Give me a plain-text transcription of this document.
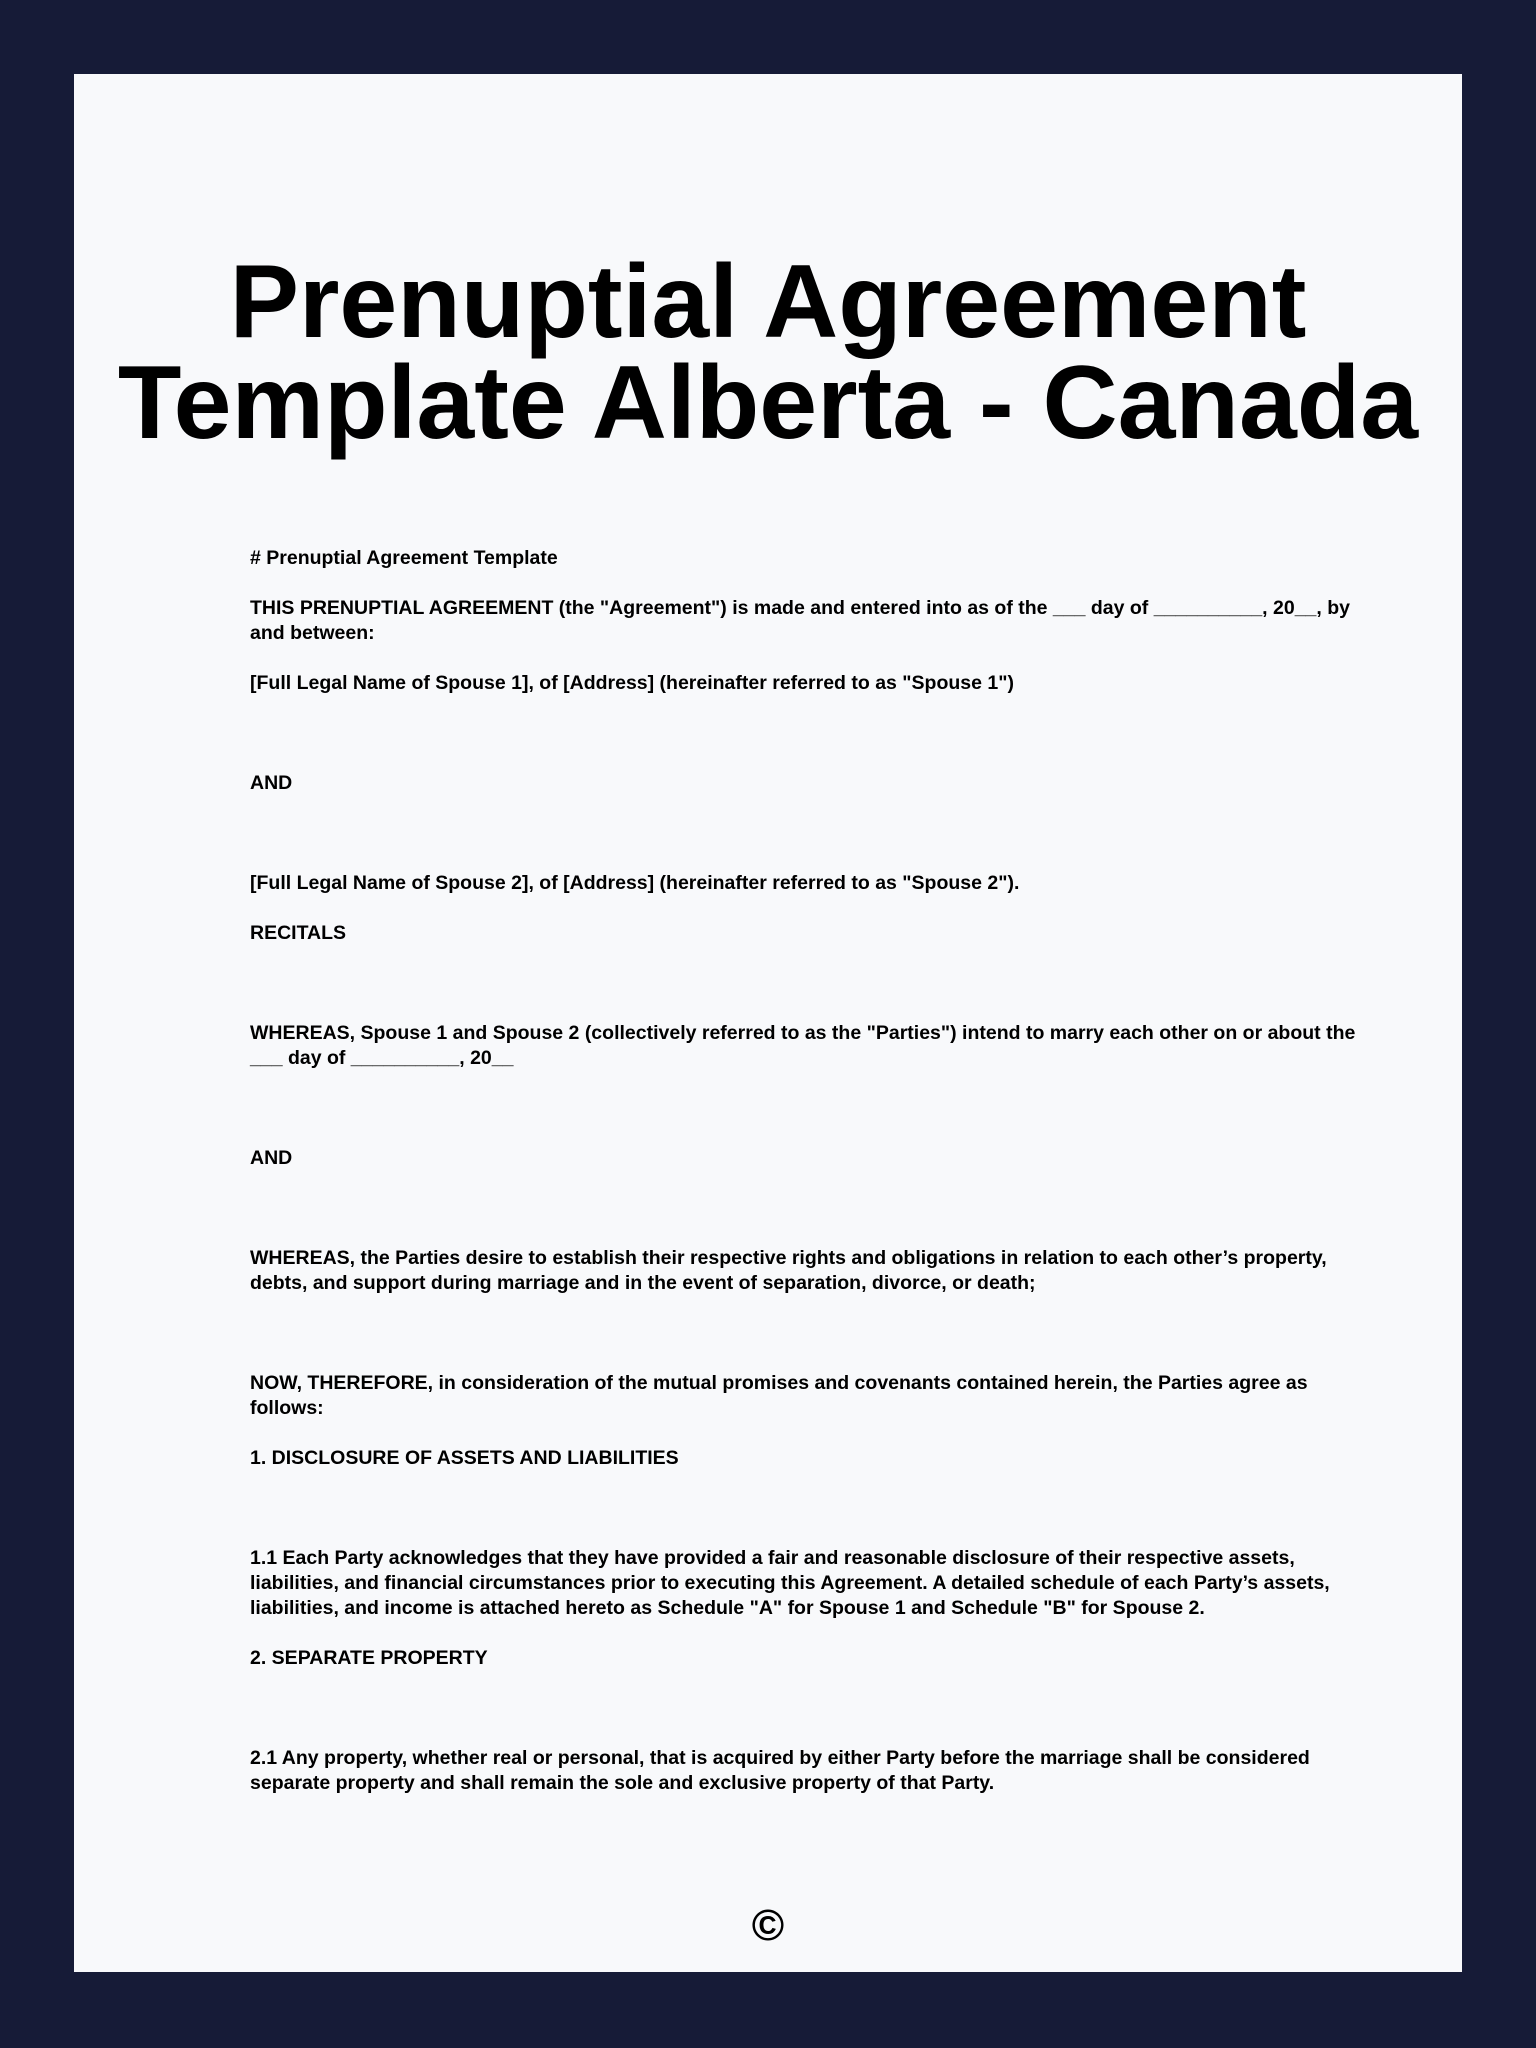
Prenuptial Agreement
Template Alberta - Canada

# Prenuptial Agreement Template

THIS PRENUPTIAL AGREEMENT (the "Agreement") is made and entered into as of the ___ day of __________, 20__, by and between:

[Full Legal Name of Spouse 1], of [Address] (hereinafter referred to as "Spouse 1")

AND

[Full Legal Name of Spouse 2], of [Address] (hereinafter referred to as "Spouse 2").

RECITALS

WHEREAS, Spouse 1 and Spouse 2 (collectively referred to as the "Parties") intend to marry each other on or about the ___ day of __________, 20__

AND

WHEREAS, the Parties desire to establish their respective rights and obligations in relation to each other’s property, debts, and support during marriage and in the event of separation, divorce, or death;

NOW, THEREFORE, in consideration of the mutual promises and covenants contained herein, the Parties agree as follows:

1. DISCLOSURE OF ASSETS AND LIABILITIES

1.1 Each Party acknowledges that they have provided a fair and reasonable disclosure of their respective assets, liabilities, and financial circumstances prior to executing this Agreement. A detailed schedule of each Party’s assets, liabilities, and income is attached hereto as Schedule "A" for Spouse 1 and Schedule "B" for Spouse 2.

2. SEPARATE PROPERTY

2.1 Any property, whether real or personal, that is acquired by either Party before the marriage shall be considered separate property and shall remain the sole and exclusive property of that Party.

©
